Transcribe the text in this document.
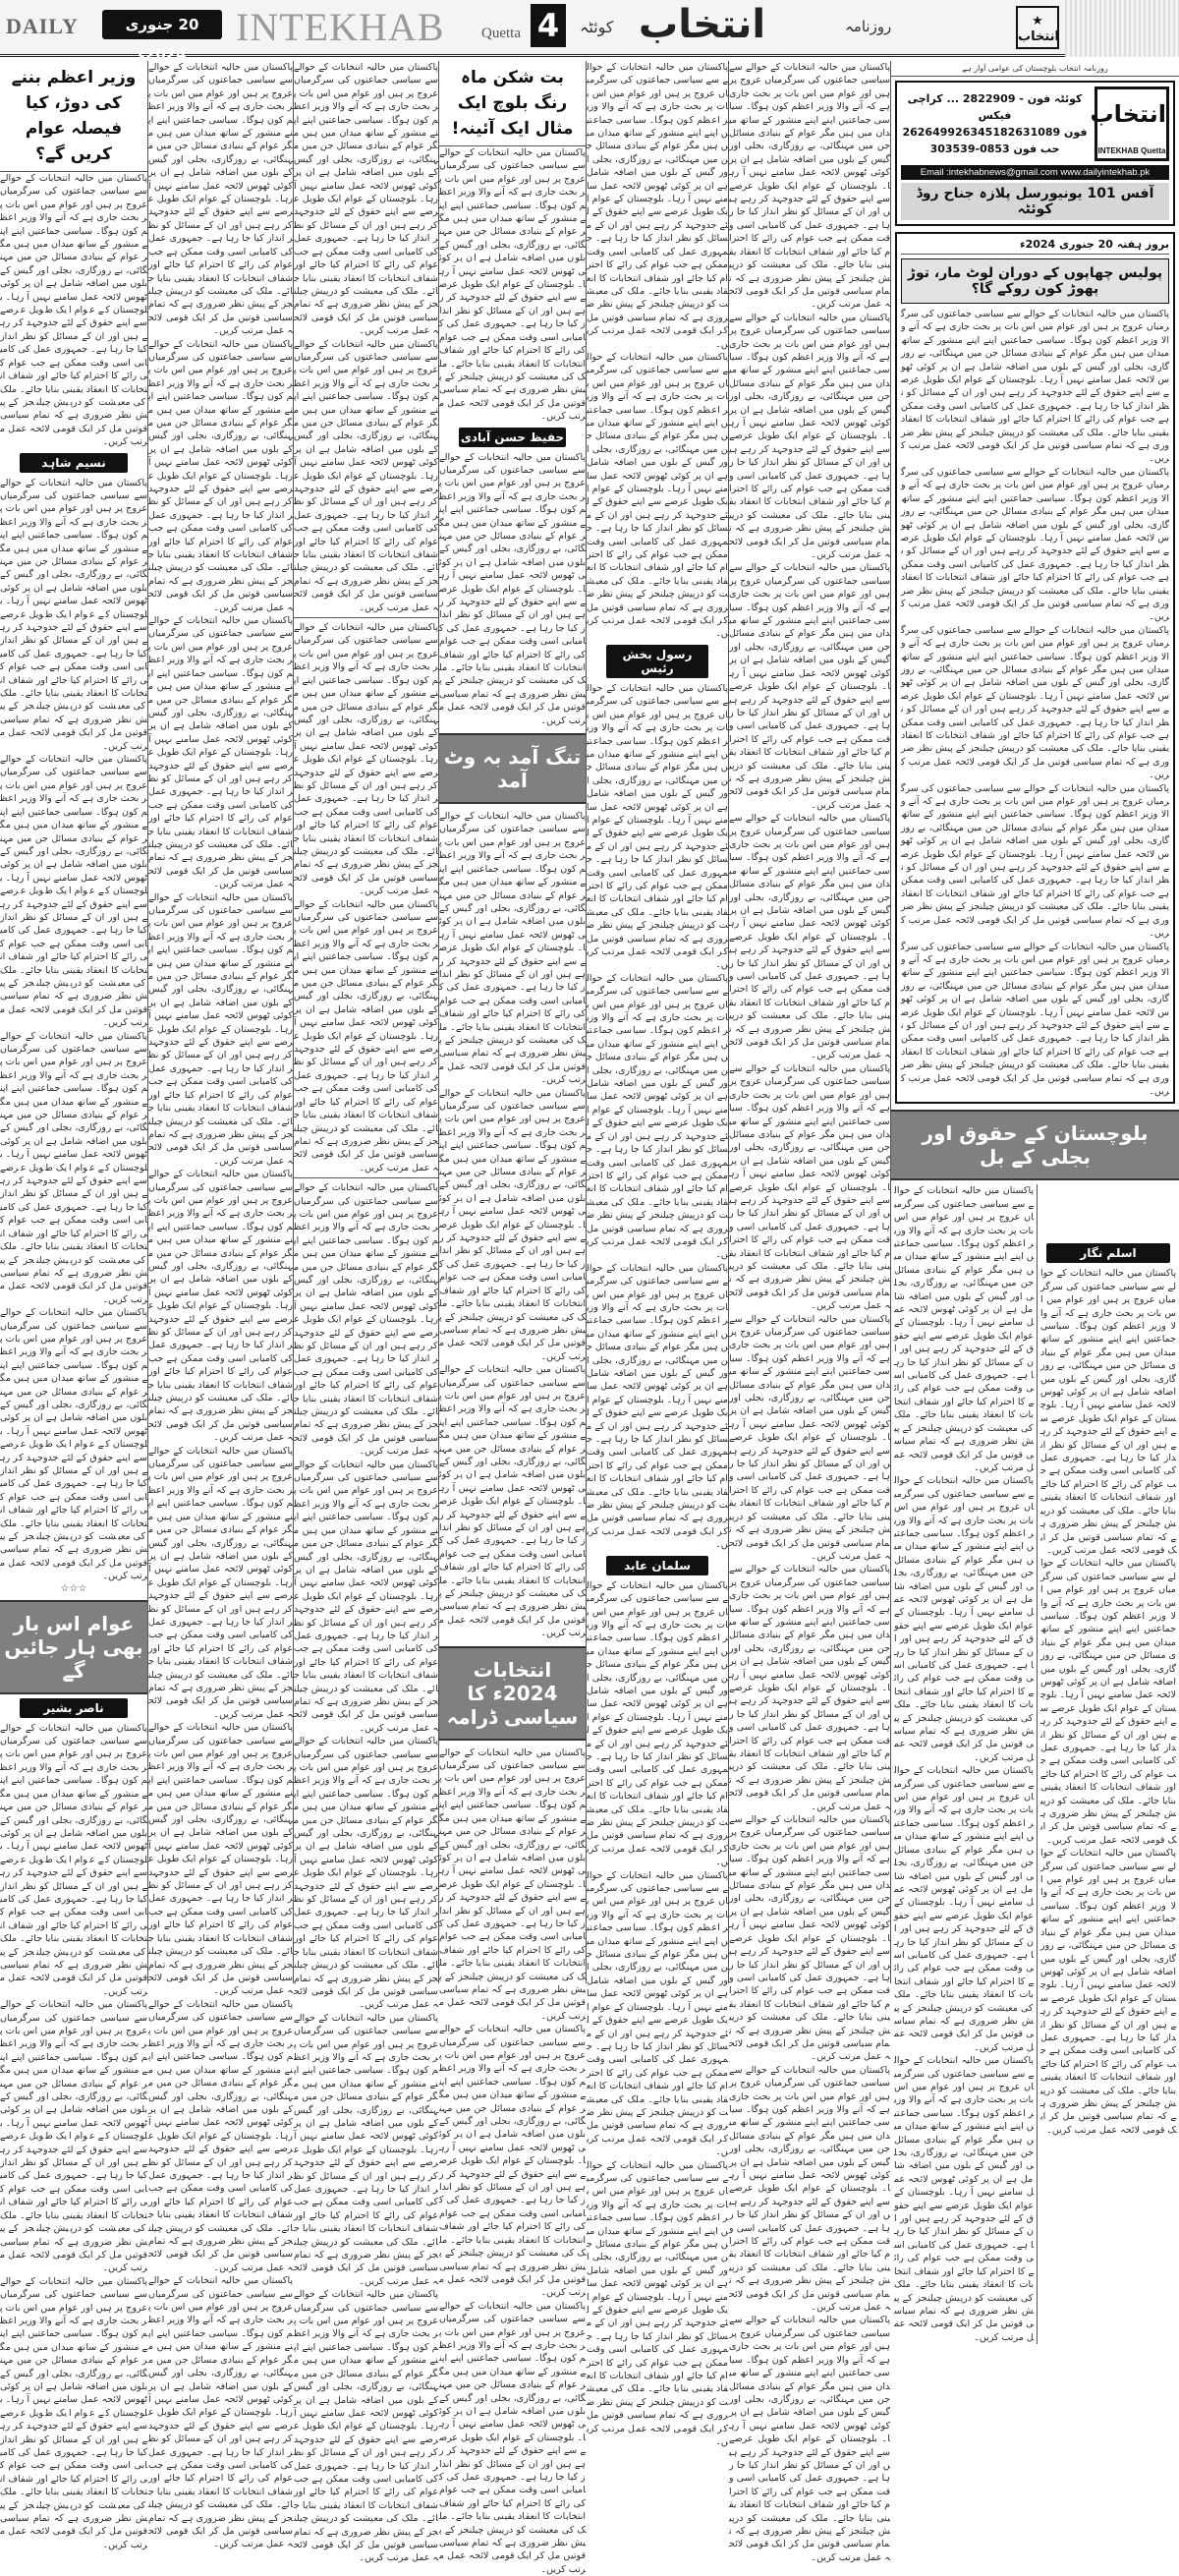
DAILY	20 جنوری 2024ء
INTEKHAB	Quetta 4	کوئٹہ انتخاب	روزنامہ	★
انتخاب
وزیر اعظم بننے کی دوڑ، کیا فیصلہ عوام کریں گے؟
پاکستان میں حالیہ انتخابات کے حوالے سے سیاسی جماعتوں کی سرگرمیاں عروج پر ہیں اور عوام میں اس بات پر بحث جاری ہے کہ آنے والا وزیر اعظم کون ہوگا۔ سیاسی جماعتیں اپنے اپنے منشور کے ساتھ میدان میں ہیں مگر عوام کے بنیادی مسائل جن میں مہنگائی، بے روزگاری، بجلی اور گیس کے بلوں میں اضافہ شامل ہے ان پر کوئی ٹھوس لائحہ عمل سامنے نہیں آ رہا۔ بلوچستان کے عوام ایک طویل عرصے سے اپنے حقوق کے لئے جدوجہد کر رہے ہیں اور ان کے مسائل کو نظر انداز کیا جا رہا ہے۔ جمہوری عمل کی کامیابی اسی وقت ممکن ہے جب عوام کی رائے کا احترام کیا جائے اور شفاف انتخابات کا انعقاد یقینی بنایا جائے۔ ملک کی معیشت کو درپیش چیلنجز کے پیش نظر ضروری ہے کہ تمام سیاسی قوتیں مل کر ایک قومی لائحہ عمل مرتب کریں۔
نسیم شاہد
پاکستان میں حالیہ انتخابات کے حوالے سے سیاسی جماعتوں کی سرگرمیاں عروج پر ہیں اور عوام میں اس بات پر بحث جاری ہے کہ آنے والا وزیر اعظم کون ہوگا۔ سیاسی جماعتیں اپنے اپنے منشور کے ساتھ میدان میں ہیں مگر عوام کے بنیادی مسائل جن میں مہنگائی، بے روزگاری، بجلی اور گیس کے بلوں میں اضافہ شامل ہے ان پر کوئی ٹھوس لائحہ عمل سامنے نہیں آ رہا۔ بلوچستان کے عوام ایک طویل عرصے سے اپنے حقوق کے لئے جدوجہد کر رہے ہیں اور ان کے مسائل کو نظر انداز کیا جا رہا ہے۔ جمہوری عمل کی کامیابی اسی وقت ممکن ہے جب عوام کی رائے کا احترام کیا جائے اور شفاف انتخابات کا انعقاد یقینی بنایا جائے۔ ملک کی معیشت کو درپیش چیلنجز کے پیش نظر ضروری ہے کہ تمام سیاسی قوتیں مل کر ایک قومی لائحہ عمل مرتب کریں۔
پاکستان میں حالیہ انتخابات کے حوالے سے سیاسی جماعتوں کی سرگرمیاں عروج پر ہیں اور عوام میں اس بات پر بحث جاری ہے کہ آنے والا وزیر اعظم کون ہوگا۔ سیاسی جماعتیں اپنے اپنے منشور کے ساتھ میدان میں ہیں مگر عوام کے بنیادی مسائل جن میں مہنگائی، بے روزگاری، بجلی اور گیس کے بلوں میں اضافہ شامل ہے ان پر کوئی ٹھوس لائحہ عمل سامنے نہیں آ رہا۔ بلوچستان کے عوام ایک طویل عرصے سے اپنے حقوق کے لئے جدوجہد کر رہے ہیں اور ان کے مسائل کو نظر انداز کیا جا رہا ہے۔ جمہوری عمل کی کامیابی اسی وقت ممکن ہے جب عوام کی رائے کا احترام کیا جائے اور شفاف انتخابات کا انعقاد یقینی بنایا جائے۔ ملک کی معیشت کو درپیش چیلنجز کے پیش نظر ضروری ہے کہ تمام سیاسی قوتیں مل کر ایک قومی لائحہ عمل مرتب کریں۔
پاکستان میں حالیہ انتخابات کے حوالے سے سیاسی جماعتوں کی سرگرمیاں عروج پر ہیں اور عوام میں اس بات پر بحث جاری ہے کہ آنے والا وزیر اعظم کون ہوگا۔ سیاسی جماعتیں اپنے اپنے منشور کے ساتھ میدان میں ہیں مگر عوام کے بنیادی مسائل جن میں مہنگائی، بے روزگاری، بجلی اور گیس کے بلوں میں اضافہ شامل ہے ان پر کوئی ٹھوس لائحہ عمل سامنے نہیں آ رہا۔ بلوچستان کے عوام ایک طویل عرصے سے اپنے حقوق کے لئے جدوجہد کر رہے ہیں اور ان کے مسائل کو نظر انداز کیا جا رہا ہے۔ جمہوری عمل کی کامیابی اسی وقت ممکن ہے جب عوام کی رائے کا احترام کیا جائے اور شفاف انتخابات کا انعقاد یقینی بنایا جائے۔ ملک کی معیشت کو درپیش چیلنجز کے پیش نظر ضروری ہے کہ تمام سیاسی قوتیں مل کر ایک قومی لائحہ عمل مرتب کریں۔
پاکستان میں حالیہ انتخابات کے حوالے سے سیاسی جماعتوں کی سرگرمیاں عروج پر ہیں اور عوام میں اس بات پر بحث جاری ہے کہ آنے والا وزیر اعظم کون ہوگا۔ سیاسی جماعتیں اپنے اپنے منشور کے ساتھ میدان میں ہیں مگر عوام کے بنیادی مسائل جن میں مہنگائی، بے روزگاری، بجلی اور گیس کے بلوں میں اضافہ شامل ہے ان پر کوئی ٹھوس لائحہ عمل سامنے نہیں آ رہا۔ بلوچستان کے عوام ایک طویل عرصے سے اپنے حقوق کے لئے جدوجہد کر رہے ہیں اور ان کے مسائل کو نظر انداز کیا جا رہا ہے۔ جمہوری عمل کی کامیابی اسی وقت ممکن ہے جب عوام کی رائے کا احترام کیا جائے اور شفاف انتخابات کا انعقاد یقینی بنایا جائے۔ ملک کی معیشت کو درپیش چیلنجز کے پیش نظر ضروری ہے کہ تمام سیاسی قوتیں مل کر ایک قومی لائحہ عمل مرتب کریں۔
☆☆☆
عوام اس بار بھی ہار جائیں گے
ناصر بشیر
پاکستان میں حالیہ انتخابات کے حوالے سے سیاسی جماعتوں کی سرگرمیاں عروج پر ہیں اور عوام میں اس بات پر بحث جاری ہے کہ آنے والا وزیر اعظم کون ہوگا۔ سیاسی جماعتیں اپنے اپنے منشور کے ساتھ میدان میں ہیں مگر عوام کے بنیادی مسائل جن میں مہنگائی، بے روزگاری، بجلی اور گیس کے بلوں میں اضافہ شامل ہے ان پر کوئی ٹھوس لائحہ عمل سامنے نہیں آ رہا۔ بلوچستان کے عوام ایک طویل عرصے سے اپنے حقوق کے لئے جدوجہد کر رہے ہیں اور ان کے مسائل کو نظر انداز کیا جا رہا ہے۔ جمہوری عمل کی کامیابی اسی وقت ممکن ہے جب عوام کی رائے کا احترام کیا جائے اور شفاف انتخابات کا انعقاد یقینی بنایا جائے۔ ملک کی معیشت کو درپیش چیلنجز کے پیش نظر ضروری ہے کہ تمام سیاسی قوتیں مل کر ایک قومی لائحہ عمل مرتب کریں۔
پاکستان میں حالیہ انتخابات کے حوالے سے سیاسی جماعتوں کی سرگرمیاں عروج پر ہیں اور عوام میں اس بات پر بحث جاری ہے کہ آنے والا وزیر اعظم کون ہوگا۔ سیاسی جماعتیں اپنے اپنے منشور کے ساتھ میدان میں ہیں مگر عوام کے بنیادی مسائل جن میں مہنگائی، بے روزگاری، بجلی اور گیس کے بلوں میں اضافہ شامل ہے ان پر کوئی ٹھوس لائحہ عمل سامنے نہیں آ رہا۔ بلوچستان کے عوام ایک طویل عرصے سے اپنے حقوق کے لئے جدوجہد کر رہے ہیں اور ان کے مسائل کو نظر انداز کیا جا رہا ہے۔ جمہوری عمل کی کامیابی اسی وقت ممکن ہے جب عوام کی رائے کا احترام کیا جائے اور شفاف انتخابات کا انعقاد یقینی بنایا جائے۔ ملک کی معیشت کو درپیش چیلنجز کے پیش نظر ضروری ہے کہ تمام سیاسی قوتیں مل کر ایک قومی لائحہ عمل مرتب کریں۔
پاکستان میں حالیہ انتخابات کے حوالے سے سیاسی جماعتوں کی سرگرمیاں عروج پر ہیں اور عوام میں اس بات پر بحث جاری ہے کہ آنے والا وزیر اعظم کون ہوگا۔ سیاسی جماعتیں اپنے اپنے منشور کے ساتھ میدان میں ہیں مگر عوام کے بنیادی مسائل جن میں مہنگائی، بے روزگاری، بجلی اور گیس کے بلوں میں اضافہ شامل ہے ان پر کوئی ٹھوس لائحہ عمل سامنے نہیں آ رہا۔ بلوچستان کے عوام ایک طویل عرصے سے اپنے حقوق کے لئے جدوجہد کر رہے ہیں اور ان کے مسائل کو نظر انداز کیا جا رہا ہے۔ جمہوری عمل کی کامیابی اسی وقت ممکن ہے جب عوام کی رائے کا احترام کیا جائے اور شفاف انتخابات کا انعقاد یقینی بنایا جائے۔ ملک کی معیشت کو درپیش چیلنجز کے پیش نظر ضروری ہے کہ تمام سیاسی قوتیں مل کر ایک قومی لائحہ عمل مرتب کریں۔
پاکستان میں حالیہ انتخابات کے حوالے سے سیاسی جماعتوں کی سرگرمیاں عروج پر ہیں اور عوام میں اس بات پر بحث جاری ہے کہ آنے والا وزیر اعظم کون ہوگا۔ سیاسی جماعتیں اپنے اپنے منشور کے ساتھ میدان میں ہیں مگر عوام کے بنیادی مسائل جن میں مہنگائی، بے روزگاری، بجلی اور گیس کے بلوں میں اضافہ شامل ہے ان پر کوئی ٹھوس لائحہ عمل سامنے نہیں آ رہا۔ بلوچستان کے عوام ایک طویل عرصے سے اپنے حقوق کے لئے جدوجہد کر رہے ہیں اور ان کے مسائل کو نظر انداز کیا جا رہا ہے۔ جمہوری عمل کی کامیابی اسی وقت ممکن ہے جب عوام کی رائے کا احترام کیا جائے اور شفاف انتخابات کا انعقاد یقینی بنایا جائے۔ ملک کی معیشت کو درپیش چیلنجز کے پیش نظر ضروری ہے کہ تمام سیاسی قوتیں مل کر ایک قومی لائحہ عمل مرتب کریں۔
پاکستان میں حالیہ انتخابات کے حوالے سے سیاسی جماعتوں کی سرگرمیاں عروج پر ہیں اور عوام میں اس بات پر بحث جاری ہے کہ آنے والا وزیر اعظم کون ہوگا۔ سیاسی جماعتیں اپنے اپنے منشور کے ساتھ میدان میں ہیں مگر عوام کے بنیادی مسائل جن میں مہنگائی، بے روزگاری، بجلی اور گیس کے بلوں میں اضافہ شامل ہے ان پر کوئی ٹھوس لائحہ عمل سامنے نہیں آ رہا۔ بلوچستان کے عوام ایک طویل عرصے سے اپنے حقوق کے لئے جدوجہد کر رہے ہیں اور ان کے مسائل کو نظر انداز کیا جا رہا ہے۔ جمہوری عمل کی کامیابی اسی وقت ممکن ہے جب عوام کی رائے کا احترام کیا جائے اور شفاف انتخابات کا انعقاد یقینی بنایا جائے۔ ملک کی معیشت کو درپیش چیلنجز کے پیش نظر ضروری ہے کہ تمام سیاسی قوتیں مل کر ایک قومی لائحہ عمل مرتب کریں۔
پاکستان میں حالیہ انتخابات کے حوالے سے سیاسی جماعتوں کی سرگرمیاں عروج پر ہیں اور عوام میں اس بات پر بحث جاری ہے کہ آنے والا وزیر اعظم کون ہوگا۔ سیاسی جماعتیں اپنے اپنے منشور کے ساتھ میدان میں ہیں مگر عوام کے بنیادی مسائل جن میں مہنگائی، بے روزگاری، بجلی اور گیس کے بلوں میں اضافہ شامل ہے ان پر کوئی ٹھوس لائحہ عمل سامنے نہیں آ رہا۔ بلوچستان کے عوام ایک طویل عرصے سے اپنے حقوق کے لئے جدوجہد کر رہے ہیں اور ان کے مسائل کو نظر انداز کیا جا رہا ہے۔ جمہوری عمل کی کامیابی اسی وقت ممکن ہے جب عوام کی رائے کا احترام کیا جائے اور شفاف انتخابات کا انعقاد یقینی بنایا جائے۔ ملک کی معیشت کو درپیش چیلنجز کے پیش نظر ضروری ہے کہ تمام سیاسی قوتیں مل کر ایک قومی لائحہ عمل مرتب کریں۔
پاکستان میں حالیہ انتخابات کے حوالے سے سیاسی جماعتوں کی سرگرمیاں عروج پر ہیں اور عوام میں اس بات پر بحث جاری ہے کہ آنے والا وزیر اعظم کون ہوگا۔ سیاسی جماعتیں اپنے اپنے منشور کے ساتھ میدان میں ہیں مگر عوام کے بنیادی مسائل جن میں مہنگائی، بے روزگاری، بجلی اور گیس کے بلوں میں اضافہ شامل ہے ان پر کوئی ٹھوس لائحہ عمل سامنے نہیں آ رہا۔ بلوچستان کے عوام ایک طویل عرصے سے اپنے حقوق کے لئے جدوجہد کر رہے ہیں اور ان کے مسائل کو نظر انداز کیا جا رہا ہے۔ جمہوری عمل کی کامیابی اسی وقت ممکن ہے جب عوام کی رائے کا احترام کیا جائے اور شفاف انتخابات کا انعقاد یقینی بنایا جائے۔ ملک کی معیشت کو درپیش چیلنجز کے پیش نظر ضروری ہے کہ تمام سیاسی قوتیں مل کر ایک قومی لائحہ عمل مرتب کریں۔
پاکستان میں حالیہ انتخابات کے حوالے سے سیاسی جماعتوں کی سرگرمیاں عروج پر ہیں اور عوام میں اس بات پر بحث جاری ہے کہ آنے والا وزیر اعظم کون ہوگا۔ سیاسی جماعتیں اپنے اپنے منشور کے ساتھ میدان میں ہیں مگر عوام کے بنیادی مسائل جن میں مہنگائی، بے روزگاری، بجلی اور گیس کے بلوں میں اضافہ شامل ہے ان پر کوئی ٹھوس لائحہ عمل سامنے نہیں آ رہا۔ بلوچستان کے عوام ایک طویل عرصے سے اپنے حقوق کے لئے جدوجہد کر رہے ہیں اور ان کے مسائل کو نظر انداز کیا جا رہا ہے۔ جمہوری عمل کی کامیابی اسی وقت ممکن ہے جب عوام کی رائے کا احترام کیا جائے اور شفاف انتخابات کا انعقاد یقینی بنایا جائے۔ ملک کی معیشت کو درپیش چیلنجز کے پیش نظر ضروری ہے کہ تمام سیاسی قوتیں مل کر ایک قومی لائحہ عمل مرتب کریں۔
پاکستان میں حالیہ انتخابات کے حوالے سے سیاسی جماعتوں کی سرگرمیاں عروج پر ہیں اور عوام میں اس بات پر بحث جاری ہے کہ آنے والا وزیر اعظم کون ہوگا۔ سیاسی جماعتیں اپنے اپنے منشور کے ساتھ میدان میں ہیں مگر عوام کے بنیادی مسائل جن میں مہنگائی، بے روزگاری، بجلی اور گیس کے بلوں میں اضافہ شامل ہے ان پر کوئی ٹھوس لائحہ عمل سامنے نہیں آ رہا۔ بلوچستان کے عوام ایک طویل عرصے سے اپنے حقوق کے لئے جدوجہد کر رہے ہیں اور ان کے مسائل کو نظر انداز کیا جا رہا ہے۔ جمہوری عمل کی کامیابی اسی وقت ممکن ہے جب عوام کی رائے کا احترام کیا جائے اور شفاف انتخابات کا انعقاد یقینی بنایا جائے۔ ملک کی معیشت کو درپیش چیلنجز کے پیش نظر ضروری ہے کہ تمام سیاسی قوتیں مل کر ایک قومی لائحہ عمل مرتب کریں۔
پاکستان میں حالیہ انتخابات کے حوالے سے سیاسی جماعتوں کی سرگرمیاں عروج پر ہیں اور عوام میں اس بات پر بحث جاری ہے کہ آنے والا وزیر اعظم کون ہوگا۔ سیاسی جماعتیں اپنے اپنے منشور کے ساتھ میدان میں ہیں مگر عوام کے بنیادی مسائل جن میں مہنگائی، بے روزگاری، بجلی اور گیس کے بلوں میں اضافہ شامل ہے ان پر کوئی ٹھوس لائحہ عمل سامنے نہیں آ رہا۔ بلوچستان کے عوام ایک طویل عرصے سے اپنے حقوق کے لئے جدوجہد کر رہے ہیں اور ان کے مسائل کو نظر انداز کیا جا رہا ہے۔ جمہوری عمل کی کامیابی اسی وقت ممکن ہے جب عوام کی رائے کا احترام کیا جائے اور شفاف انتخابات کا انعقاد یقینی بنایا جائے۔ ملک کی معیشت کو درپیش چیلنجز کے پیش نظر ضروری ہے کہ تمام سیاسی قوتیں مل کر ایک قومی لائحہ عمل مرتب کریں۔
پاکستان میں حالیہ انتخابات کے حوالے سے سیاسی جماعتوں کی سرگرمیاں عروج پر ہیں اور عوام میں اس بات پر بحث جاری ہے کہ آنے والا وزیر اعظم کون ہوگا۔ سیاسی جماعتیں اپنے اپنے منشور کے ساتھ میدان میں ہیں مگر عوام کے بنیادی مسائل جن میں مہنگائی، بے روزگاری، بجلی اور گیس کے بلوں میں اضافہ شامل ہے ان پر کوئی ٹھوس لائحہ عمل سامنے نہیں آ رہا۔ بلوچستان کے عوام ایک طویل عرصے سے اپنے حقوق کے لئے جدوجہد کر رہے ہیں اور ان کے مسائل کو نظر انداز کیا جا رہا ہے۔ جمہوری عمل کی کامیابی اسی وقت ممکن ہے جب عوام کی رائے کا احترام کیا جائے اور شفاف انتخابات کا انعقاد یقینی بنایا جائے۔ ملک کی معیشت کو درپیش چیلنجز کے پیش نظر ضروری ہے کہ تمام سیاسی قوتیں مل کر ایک قومی لائحہ عمل مرتب کریں۔
پاکستان میں حالیہ انتخابات کے حوالے سے سیاسی جماعتوں کی سرگرمیاں عروج پر ہیں اور عوام میں اس بات پر بحث جاری ہے کہ آنے والا وزیر اعظم کون ہوگا۔ سیاسی جماعتیں اپنے اپنے منشور کے ساتھ میدان میں ہیں مگر عوام کے بنیادی مسائل جن میں مہنگائی، بے روزگاری، بجلی اور گیس کے بلوں میں اضافہ شامل ہے ان پر کوئی ٹھوس لائحہ عمل سامنے نہیں آ رہا۔ بلوچستان کے عوام ایک طویل عرصے سے اپنے حقوق کے لئے جدوجہد کر رہے ہیں اور ان کے مسائل کو نظر انداز کیا جا رہا ہے۔ جمہوری عمل کی کامیابی اسی وقت ممکن ہے جب عوام کی رائے کا احترام کیا جائے اور شفاف انتخابات کا انعقاد یقینی بنایا جائے۔ ملک کی معیشت کو درپیش چیلنجز کے پیش نظر ضروری ہے کہ تمام سیاسی قوتیں مل کر ایک قومی لائحہ عمل مرتب کریں۔
پاکستان میں حالیہ انتخابات کے حوالے سے سیاسی جماعتوں کی سرگرمیاں عروج پر ہیں اور عوام میں اس بات پر بحث جاری ہے کہ آنے والا وزیر اعظم کون ہوگا۔ سیاسی جماعتیں اپنے اپنے منشور کے ساتھ میدان میں ہیں مگر عوام کے بنیادی مسائل جن میں مہنگائی، بے روزگاری، بجلی اور گیس کے بلوں میں اضافہ شامل ہے ان پر کوئی ٹھوس لائحہ عمل سامنے نہیں آ رہا۔ بلوچستان کے عوام ایک طویل عرصے سے اپنے حقوق کے لئے جدوجہد کر رہے ہیں اور ان کے مسائل کو نظر انداز کیا جا رہا ہے۔ جمہوری عمل کی کامیابی اسی وقت ممکن ہے جب عوام کی رائے کا احترام کیا جائے اور شفاف انتخابات کا انعقاد یقینی بنایا جائے۔ ملک کی معیشت کو درپیش چیلنجز کے پیش نظر ضروری ہے کہ تمام سیاسی قوتیں مل کر ایک قومی لائحہ عمل مرتب کریں۔
پاکستان میں حالیہ انتخابات کے حوالے سے سیاسی جماعتوں کی سرگرمیاں عروج پر ہیں اور عوام میں اس بات پر بحث جاری ہے کہ آنے والا وزیر اعظم کون ہوگا۔ سیاسی جماعتیں اپنے اپنے منشور کے ساتھ میدان میں ہیں مگر عوام کے بنیادی مسائل جن میں مہنگائی، بے روزگاری، بجلی اور گیس کے بلوں میں اضافہ شامل ہے ان پر کوئی ٹھوس لائحہ عمل سامنے نہیں آ رہا۔ بلوچستان کے عوام ایک طویل عرصے سے اپنے حقوق کے لئے جدوجہد کر رہے ہیں اور ان کے مسائل کو نظر انداز کیا جا رہا ہے۔ جمہوری عمل کی کامیابی اسی وقت ممکن ہے جب عوام کی رائے کا احترام کیا جائے اور شفاف انتخابات کا انعقاد یقینی بنایا جائے۔ ملک کی معیشت کو درپیش چیلنجز کے پیش نظر ضروری ہے کہ تمام سیاسی قوتیں مل کر ایک قومی لائحہ عمل مرتب کریں۔
پاکستان میں حالیہ انتخابات کے حوالے سے سیاسی جماعتوں کی سرگرمیاں عروج پر ہیں اور عوام میں اس بات پر بحث جاری ہے کہ آنے والا وزیر اعظم کون ہوگا۔ سیاسی جماعتیں اپنے اپنے منشور کے ساتھ میدان میں ہیں مگر عوام کے بنیادی مسائل جن میں مہنگائی، بے روزگاری، بجلی اور گیس کے بلوں میں اضافہ شامل ہے ان پر کوئی ٹھوس لائحہ عمل سامنے نہیں آ رہا۔ بلوچستان کے عوام ایک طویل عرصے سے اپنے حقوق کے لئے جدوجہد کر رہے ہیں اور ان کے مسائل کو نظر انداز کیا جا رہا ہے۔ جمہوری عمل کی کامیابی اسی وقت ممکن ہے جب عوام کی رائے کا احترام کیا جائے اور شفاف انتخابات کا انعقاد یقینی بنایا جائے۔ ملک کی معیشت کو درپیش چیلنجز کے پیش نظر ضروری ہے کہ تمام سیاسی قوتیں مل کر ایک قومی لائحہ عمل مرتب کریں۔
پاکستان میں حالیہ انتخابات کے حوالے سے سیاسی جماعتوں کی سرگرمیاں عروج پر ہیں اور عوام میں اس بات پر بحث جاری ہے کہ آنے والا وزیر اعظم کون ہوگا۔ سیاسی جماعتیں اپنے اپنے منشور کے ساتھ میدان میں ہیں مگر عوام کے بنیادی مسائل جن میں مہنگائی، بے روزگاری، بجلی اور گیس کے بلوں میں اضافہ شامل ہے ان پر کوئی ٹھوس لائحہ عمل سامنے نہیں آ رہا۔ بلوچستان کے عوام ایک طویل عرصے سے اپنے حقوق کے لئے جدوجہد کر رہے ہیں اور ان کے مسائل کو نظر انداز کیا جا رہا ہے۔ جمہوری عمل کی کامیابی اسی وقت ممکن ہے جب عوام کی رائے کا احترام کیا جائے اور شفاف انتخابات کا انعقاد یقینی بنایا جائے۔ ملک کی معیشت کو درپیش چیلنجز کے پیش نظر ضروری ہے کہ تمام سیاسی قوتیں مل کر ایک قومی لائحہ عمل مرتب کریں۔
پاکستان میں حالیہ انتخابات کے حوالے سے سیاسی جماعتوں کی سرگرمیاں عروج پر ہیں اور عوام میں اس بات پر بحث جاری ہے کہ آنے والا وزیر اعظم کون ہوگا۔ سیاسی جماعتیں اپنے اپنے منشور کے ساتھ میدان میں ہیں مگر عوام کے بنیادی مسائل جن میں مہنگائی، بے روزگاری، بجلی اور گیس کے بلوں میں اضافہ شامل ہے ان پر کوئی ٹھوس لائحہ عمل سامنے نہیں آ رہا۔ بلوچستان کے عوام ایک طویل عرصے سے اپنے حقوق کے لئے جدوجہد کر رہے ہیں اور ان کے مسائل کو نظر انداز کیا جا رہا ہے۔ جمہوری عمل کی کامیابی اسی وقت ممکن ہے جب عوام کی رائے کا احترام کیا جائے اور شفاف انتخابات کا انعقاد یقینی بنایا جائے۔ ملک کی معیشت کو درپیش چیلنجز کے پیش نظر ضروری ہے کہ تمام سیاسی قوتیں مل کر ایک قومی لائحہ عمل مرتب کریں۔
پاکستان میں حالیہ انتخابات کے حوالے سے سیاسی جماعتوں کی سرگرمیاں عروج پر ہیں اور عوام میں اس بات پر بحث جاری ہے کہ آنے والا وزیر اعظم کون ہوگا۔ سیاسی جماعتیں اپنے اپنے منشور کے ساتھ میدان میں ہیں مگر عوام کے بنیادی مسائل جن میں مہنگائی، بے روزگاری، بجلی اور گیس کے بلوں میں اضافہ شامل ہے ان پر کوئی ٹھوس لائحہ عمل سامنے نہیں آ رہا۔ بلوچستان کے عوام ایک طویل عرصے سے اپنے حقوق کے لئے جدوجہد کر رہے ہیں اور ان کے مسائل کو نظر انداز کیا جا رہا ہے۔ جمہوری عمل کی کامیابی اسی وقت ممکن ہے جب عوام کی رائے کا احترام کیا جائے اور شفاف انتخابات کا انعقاد یقینی بنایا جائے۔ ملک کی معیشت کو درپیش چیلنجز کے پیش نظر ضروری ہے کہ تمام سیاسی قوتیں مل کر ایک قومی لائحہ عمل مرتب کریں۔
پاکستان میں حالیہ انتخابات کے حوالے سے سیاسی جماعتوں کی سرگرمیاں عروج پر ہیں اور عوام میں اس بات پر بحث جاری ہے کہ آنے والا وزیر اعظم کون ہوگا۔ سیاسی جماعتیں اپنے اپنے منشور کے ساتھ میدان میں ہیں مگر عوام کے بنیادی مسائل جن میں مہنگائی، بے روزگاری، بجلی اور گیس کے بلوں میں اضافہ شامل ہے ان پر کوئی ٹھوس لائحہ عمل سامنے نہیں آ رہا۔ بلوچستان کے عوام ایک طویل عرصے سے اپنے حقوق کے لئے جدوجہد کر رہے ہیں اور ان کے مسائل کو نظر انداز کیا جا رہا ہے۔ جمہوری عمل کی کامیابی اسی وقت ممکن ہے جب عوام کی رائے کا احترام کیا جائے اور شفاف انتخابات کا انعقاد یقینی بنایا جائے۔ ملک کی معیشت کو درپیش چیلنجز کے پیش نظر ضروری ہے کہ تمام سیاسی قوتیں مل کر ایک قومی لائحہ عمل مرتب کریں۔
پاکستان میں حالیہ انتخابات کے حوالے سے سیاسی جماعتوں کی سرگرمیاں عروج پر ہیں اور عوام میں اس بات پر بحث جاری ہے کہ آنے والا وزیر اعظم کون ہوگا۔ سیاسی جماعتیں اپنے اپنے منشور کے ساتھ میدان میں ہیں مگر عوام کے بنیادی مسائل جن میں مہنگائی، بے روزگاری، بجلی اور گیس کے بلوں میں اضافہ شامل ہے ان پر کوئی ٹھوس لائحہ عمل سامنے نہیں آ رہا۔ بلوچستان کے عوام ایک طویل عرصے سے اپنے حقوق کے لئے جدوجہد کر رہے ہیں اور ان کے مسائل کو نظر انداز کیا جا رہا ہے۔ جمہوری عمل کی کامیابی اسی وقت ممکن ہے جب عوام کی رائے کا احترام کیا جائے اور شفاف انتخابات کا انعقاد یقینی بنایا جائے۔ ملک کی معیشت کو درپیش چیلنجز کے پیش نظر ضروری ہے کہ تمام سیاسی قوتیں مل کر ایک قومی لائحہ عمل مرتب کریں۔
پاکستان میں حالیہ انتخابات کے حوالے سے سیاسی جماعتوں کی سرگرمیاں عروج پر ہیں اور عوام میں اس بات پر بحث جاری ہے کہ آنے والا وزیر اعظم کون ہوگا۔ سیاسی جماعتیں اپنے اپنے منشور کے ساتھ میدان میں ہیں مگر عوام کے بنیادی مسائل جن میں مہنگائی، بے روزگاری، بجلی اور گیس کے بلوں میں اضافہ شامل ہے ان پر کوئی ٹھوس لائحہ عمل سامنے نہیں آ رہا۔ بلوچستان کے عوام ایک طویل عرصے سے اپنے حقوق کے لئے جدوجہد کر رہے ہیں اور ان کے مسائل کو نظر انداز کیا جا رہا ہے۔ جمہوری عمل کی کامیابی اسی وقت ممکن ہے جب عوام کی رائے کا احترام کیا جائے اور شفاف انتخابات کا انعقاد یقینی بنایا جائے۔ ملک کی معیشت کو درپیش چیلنجز کے پیش نظر ضروری ہے کہ تمام سیاسی قوتیں مل کر ایک قومی لائحہ عمل مرتب کریں۔
بت شکن ماہ رنگ بلوچ ایک مثال ایک آئینہ!
پاکستان میں حالیہ انتخابات کے حوالے سے سیاسی جماعتوں کی سرگرمیاں عروج پر ہیں اور عوام میں اس بات پر بحث جاری ہے کہ آنے والا وزیر اعظم کون ہوگا۔ سیاسی جماعتیں اپنے اپنے منشور کے ساتھ میدان میں ہیں مگر عوام کے بنیادی مسائل جن میں مہنگائی، بے روزگاری، بجلی اور گیس کے بلوں میں اضافہ شامل ہے ان پر کوئی ٹھوس لائحہ عمل سامنے نہیں آ رہا۔ بلوچستان کے عوام ایک طویل عرصے سے اپنے حقوق کے لئے جدوجہد کر رہے ہیں اور ان کے مسائل کو نظر انداز کیا جا رہا ہے۔ جمہوری عمل کی کامیابی اسی وقت ممکن ہے جب عوام کی رائے کا احترام کیا جائے اور شفاف انتخابات کا انعقاد یقینی بنایا جائے۔ ملک کی معیشت کو درپیش چیلنجز کے پیش نظر ضروری ہے کہ تمام سیاسی قوتیں مل کر ایک قومی لائحہ عمل مرتب کریں۔
حفیظ حسن آبادی
پاکستان میں حالیہ انتخابات کے حوالے سے سیاسی جماعتوں کی سرگرمیاں عروج پر ہیں اور عوام میں اس بات پر بحث جاری ہے کہ آنے والا وزیر اعظم کون ہوگا۔ سیاسی جماعتیں اپنے اپنے منشور کے ساتھ میدان میں ہیں مگر عوام کے بنیادی مسائل جن میں مہنگائی، بے روزگاری، بجلی اور گیس کے بلوں میں اضافہ شامل ہے ان پر کوئی ٹھوس لائحہ عمل سامنے نہیں آ رہا۔ بلوچستان کے عوام ایک طویل عرصے سے اپنے حقوق کے لئے جدوجہد کر رہے ہیں اور ان کے مسائل کو نظر انداز کیا جا رہا ہے۔ جمہوری عمل کی کامیابی اسی وقت ممکن ہے جب عوام کی رائے کا احترام کیا جائے اور شفاف انتخابات کا انعقاد یقینی بنایا جائے۔ ملک کی معیشت کو درپیش چیلنجز کے پیش نظر ضروری ہے کہ تمام سیاسی قوتیں مل کر ایک قومی لائحہ عمل مرتب کریں۔
تنگ آمد بہ وٹ آمد
پاکستان میں حالیہ انتخابات کے حوالے سے سیاسی جماعتوں کی سرگرمیاں عروج پر ہیں اور عوام میں اس بات پر بحث جاری ہے کہ آنے والا وزیر اعظم کون ہوگا۔ سیاسی جماعتیں اپنے اپنے منشور کے ساتھ میدان میں ہیں مگر عوام کے بنیادی مسائل جن میں مہنگائی، بے روزگاری، بجلی اور گیس کے بلوں میں اضافہ شامل ہے ان پر کوئی ٹھوس لائحہ عمل سامنے نہیں آ رہا۔ بلوچستان کے عوام ایک طویل عرصے سے اپنے حقوق کے لئے جدوجہد کر رہے ہیں اور ان کے مسائل کو نظر انداز کیا جا رہا ہے۔ جمہوری عمل کی کامیابی اسی وقت ممکن ہے جب عوام کی رائے کا احترام کیا جائے اور شفاف انتخابات کا انعقاد یقینی بنایا جائے۔ ملک کی معیشت کو درپیش چیلنجز کے پیش نظر ضروری ہے کہ تمام سیاسی قوتیں مل کر ایک قومی لائحہ عمل مرتب کریں۔
پاکستان میں حالیہ انتخابات کے حوالے سے سیاسی جماعتوں کی سرگرمیاں عروج پر ہیں اور عوام میں اس بات پر بحث جاری ہے کہ آنے والا وزیر اعظم کون ہوگا۔ سیاسی جماعتیں اپنے اپنے منشور کے ساتھ میدان میں ہیں مگر عوام کے بنیادی مسائل جن میں مہنگائی، بے روزگاری، بجلی اور گیس کے بلوں میں اضافہ شامل ہے ان پر کوئی ٹھوس لائحہ عمل سامنے نہیں آ رہا۔ بلوچستان کے عوام ایک طویل عرصے سے اپنے حقوق کے لئے جدوجہد کر رہے ہیں اور ان کے مسائل کو نظر انداز کیا جا رہا ہے۔ جمہوری عمل کی کامیابی اسی وقت ممکن ہے جب عوام کی رائے کا احترام کیا جائے اور شفاف انتخابات کا انعقاد یقینی بنایا جائے۔ ملک کی معیشت کو درپیش چیلنجز کے پیش نظر ضروری ہے کہ تمام سیاسی قوتیں مل کر ایک قومی لائحہ عمل مرتب کریں۔
پاکستان میں حالیہ انتخابات کے حوالے سے سیاسی جماعتوں کی سرگرمیاں عروج پر ہیں اور عوام میں اس بات پر بحث جاری ہے کہ آنے والا وزیر اعظم کون ہوگا۔ سیاسی جماعتیں اپنے اپنے منشور کے ساتھ میدان میں ہیں مگر عوام کے بنیادی مسائل جن میں مہنگائی، بے روزگاری، بجلی اور گیس کے بلوں میں اضافہ شامل ہے ان پر کوئی ٹھوس لائحہ عمل سامنے نہیں آ رہا۔ بلوچستان کے عوام ایک طویل عرصے سے اپنے حقوق کے لئے جدوجہد کر رہے ہیں اور ان کے مسائل کو نظر انداز کیا جا رہا ہے۔ جمہوری عمل کی کامیابی اسی وقت ممکن ہے جب عوام کی رائے کا احترام کیا جائے اور شفاف انتخابات کا انعقاد یقینی بنایا جائے۔ ملک کی معیشت کو درپیش چیلنجز کے پیش نظر ضروری ہے کہ تمام سیاسی قوتیں مل کر ایک قومی لائحہ عمل مرتب کریں۔
انتخابات 2024ء کا سیاسی ڈرامہ
پاکستان میں حالیہ انتخابات کے حوالے سے سیاسی جماعتوں کی سرگرمیاں عروج پر ہیں اور عوام میں اس بات پر بحث جاری ہے کہ آنے والا وزیر اعظم کون ہوگا۔ سیاسی جماعتیں اپنے اپنے منشور کے ساتھ میدان میں ہیں مگر عوام کے بنیادی مسائل جن میں مہنگائی، بے روزگاری، بجلی اور گیس کے بلوں میں اضافہ شامل ہے ان پر کوئی ٹھوس لائحہ عمل سامنے نہیں آ رہا۔ بلوچستان کے عوام ایک طویل عرصے سے اپنے حقوق کے لئے جدوجہد کر رہے ہیں اور ان کے مسائل کو نظر انداز کیا جا رہا ہے۔ جمہوری عمل کی کامیابی اسی وقت ممکن ہے جب عوام کی رائے کا احترام کیا جائے اور شفاف انتخابات کا انعقاد یقینی بنایا جائے۔ ملک کی معیشت کو درپیش چیلنجز کے پیش نظر ضروری ہے کہ تمام سیاسی قوتیں مل کر ایک قومی لائحہ عمل مرتب کریں۔
پاکستان میں حالیہ انتخابات کے حوالے سے سیاسی جماعتوں کی سرگرمیاں عروج پر ہیں اور عوام میں اس بات پر بحث جاری ہے کہ آنے والا وزیر اعظم کون ہوگا۔ سیاسی جماعتیں اپنے اپنے منشور کے ساتھ میدان میں ہیں مگر عوام کے بنیادی مسائل جن میں مہنگائی، بے روزگاری، بجلی اور گیس کے بلوں میں اضافہ شامل ہے ان پر کوئی ٹھوس لائحہ عمل سامنے نہیں آ رہا۔ بلوچستان کے عوام ایک طویل عرصے سے اپنے حقوق کے لئے جدوجہد کر رہے ہیں اور ان کے مسائل کو نظر انداز کیا جا رہا ہے۔ جمہوری عمل کی کامیابی اسی وقت ممکن ہے جب عوام کی رائے کا احترام کیا جائے اور شفاف انتخابات کا انعقاد یقینی بنایا جائے۔ ملک کی معیشت کو درپیش چیلنجز کے پیش نظر ضروری ہے کہ تمام سیاسی قوتیں مل کر ایک قومی لائحہ عمل مرتب کریں۔
پاکستان میں حالیہ انتخابات کے حوالے سے سیاسی جماعتوں کی سرگرمیاں عروج پر ہیں اور عوام میں اس بات پر بحث جاری ہے کہ آنے والا وزیر اعظم کون ہوگا۔ سیاسی جماعتیں اپنے اپنے منشور کے ساتھ میدان میں ہیں مگر عوام کے بنیادی مسائل جن میں مہنگائی، بے روزگاری، بجلی اور گیس کے بلوں میں اضافہ شامل ہے ان پر کوئی ٹھوس لائحہ عمل سامنے نہیں آ رہا۔ بلوچستان کے عوام ایک طویل عرصے سے اپنے حقوق کے لئے جدوجہد کر رہے ہیں اور ان کے مسائل کو نظر انداز کیا جا رہا ہے۔ جمہوری عمل کی کامیابی اسی وقت ممکن ہے جب عوام کی رائے کا احترام کیا جائے اور شفاف انتخابات کا انعقاد یقینی بنایا جائے۔ ملک کی معیشت کو درپیش چیلنجز کے پیش نظر ضروری ہے کہ تمام سیاسی قوتیں مل کر ایک قومی لائحہ عمل مرتب کریں۔
پاکستان میں حالیہ انتخابات کے حوالے سے سیاسی جماعتوں کی سرگرمیاں عروج پر ہیں اور عوام میں اس بات پر بحث جاری ہے کہ آنے والا وزیر اعظم کون ہوگا۔ سیاسی جماعتیں اپنے اپنے منشور کے ساتھ میدان میں ہیں مگر عوام کے بنیادی مسائل جن میں مہنگائی، بے روزگاری، بجلی اور گیس کے بلوں میں اضافہ شامل ہے ان پر کوئی ٹھوس لائحہ عمل سامنے نہیں آ رہا۔ بلوچستان کے عوام ایک طویل عرصے سے اپنے حقوق کے لئے جدوجہد کر رہے ہیں اور ان کے مسائل کو نظر انداز کیا جا رہا ہے۔ جمہوری عمل کی کامیابی اسی وقت ممکن ہے جب عوام کی رائے کا احترام کیا جائے اور شفاف انتخابات کا انعقاد یقینی بنایا جائے۔ ملک کی معیشت کو درپیش چیلنجز کے پیش نظر ضروری ہے کہ تمام سیاسی قوتیں مل کر ایک قومی لائحہ عمل مرتب کریں۔
پاکستان میں حالیہ انتخابات کے حوالے سے سیاسی جماعتوں کی سرگرمیاں عروج پر ہیں اور عوام میں اس بات پر بحث جاری ہے کہ آنے والا وزیر اعظم کون ہوگا۔ سیاسی جماعتیں اپنے اپنے منشور کے ساتھ میدان میں ہیں مگر عوام کے بنیادی مسائل جن میں مہنگائی، بے روزگاری، بجلی اور گیس کے بلوں میں اضافہ شامل ہے ان پر کوئی ٹھوس لائحہ عمل سامنے نہیں آ رہا۔ بلوچستان کے عوام ایک طویل عرصے سے اپنے حقوق کے لئے جدوجہد کر رہے ہیں اور ان کے مسائل کو نظر انداز کیا جا رہا ہے۔ جمہوری عمل کی کامیابی اسی وقت ممکن ہے جب عوام کی رائے کا احترام کیا جائے اور شفاف انتخابات کا انعقاد یقینی بنایا جائے۔ ملک کی معیشت کو درپیش چیلنجز کے پیش نظر ضروری ہے کہ تمام سیاسی قوتیں مل کر ایک قومی لائحہ عمل مرتب کریں۔
رسول بخش رئیس
پاکستان میں حالیہ انتخابات کے حوالے سے سیاسی جماعتوں کی سرگرمیاں عروج پر ہیں اور عوام میں اس بات پر بحث جاری ہے کہ آنے والا وزیر اعظم کون ہوگا۔ سیاسی جماعتیں اپنے اپنے منشور کے ساتھ میدان میں ہیں مگر عوام کے بنیادی مسائل جن میں مہنگائی، بے روزگاری، بجلی اور گیس کے بلوں میں اضافہ شامل ہے ان پر کوئی ٹھوس لائحہ عمل سامنے نہیں آ رہا۔ بلوچستان کے عوام ایک طویل عرصے سے اپنے حقوق کے لئے جدوجہد کر رہے ہیں اور ان کے مسائل کو نظر انداز کیا جا رہا ہے۔ جمہوری عمل کی کامیابی اسی وقت ممکن ہے جب عوام کی رائے کا احترام کیا جائے اور شفاف انتخابات کا انعقاد یقینی بنایا جائے۔ ملک کی معیشت کو درپیش چیلنجز کے پیش نظر ضروری ہے کہ تمام سیاسی قوتیں مل کر ایک قومی لائحہ عمل مرتب کریں۔
پاکستان میں حالیہ انتخابات کے حوالے سے سیاسی جماعتوں کی سرگرمیاں عروج پر ہیں اور عوام میں اس بات پر بحث جاری ہے کہ آنے والا وزیر اعظم کون ہوگا۔ سیاسی جماعتیں اپنے اپنے منشور کے ساتھ میدان میں ہیں مگر عوام کے بنیادی مسائل جن میں مہنگائی، بے روزگاری، بجلی اور گیس کے بلوں میں اضافہ شامل ہے ان پر کوئی ٹھوس لائحہ عمل سامنے نہیں آ رہا۔ بلوچستان کے عوام ایک طویل عرصے سے اپنے حقوق کے لئے جدوجہد کر رہے ہیں اور ان کے مسائل کو نظر انداز کیا جا رہا ہے۔ جمہوری عمل کی کامیابی اسی وقت ممکن ہے جب عوام کی رائے کا احترام کیا جائے اور شفاف انتخابات کا انعقاد یقینی بنایا جائے۔ ملک کی معیشت کو درپیش چیلنجز کے پیش نظر ضروری ہے کہ تمام سیاسی قوتیں مل کر ایک قومی لائحہ عمل مرتب کریں۔
پاکستان میں حالیہ انتخابات کے حوالے سے سیاسی جماعتوں کی سرگرمیاں عروج پر ہیں اور عوام میں اس بات پر بحث جاری ہے کہ آنے والا وزیر اعظم کون ہوگا۔ سیاسی جماعتیں اپنے اپنے منشور کے ساتھ میدان میں ہیں مگر عوام کے بنیادی مسائل جن میں مہنگائی، بے روزگاری، بجلی اور گیس کے بلوں میں اضافہ شامل ہے ان پر کوئی ٹھوس لائحہ عمل سامنے نہیں آ رہا۔ بلوچستان کے عوام ایک طویل عرصے سے اپنے حقوق کے لئے جدوجہد کر رہے ہیں اور ان کے مسائل کو نظر انداز کیا جا رہا ہے۔ جمہوری عمل کی کامیابی اسی وقت ممکن ہے جب عوام کی رائے کا احترام کیا جائے اور شفاف انتخابات کا انعقاد یقینی بنایا جائے۔ ملک کی معیشت کو درپیش چیلنجز کے پیش نظر ضروری ہے کہ تمام سیاسی قوتیں مل کر ایک قومی لائحہ عمل مرتب کریں۔
سلمان عابد
پاکستان میں حالیہ انتخابات کے حوالے سے سیاسی جماعتوں کی سرگرمیاں عروج پر ہیں اور عوام میں اس بات پر بحث جاری ہے کہ آنے والا وزیر اعظم کون ہوگا۔ سیاسی جماعتیں اپنے اپنے منشور کے ساتھ میدان میں ہیں مگر عوام کے بنیادی مسائل جن میں مہنگائی، بے روزگاری، بجلی اور گیس کے بلوں میں اضافہ شامل ہے ان پر کوئی ٹھوس لائحہ عمل سامنے نہیں آ رہا۔ بلوچستان کے عوام ایک طویل عرصے سے اپنے حقوق کے لئے جدوجہد کر رہے ہیں اور ان کے مسائل کو نظر انداز کیا جا رہا ہے۔ جمہوری عمل کی کامیابی اسی وقت ممکن ہے جب عوام کی رائے کا احترام کیا جائے اور شفاف انتخابات کا انعقاد یقینی بنایا جائے۔ ملک کی معیشت کو درپیش چیلنجز کے پیش نظر ضروری ہے کہ تمام سیاسی قوتیں مل کر ایک قومی لائحہ عمل مرتب کریں۔
پاکستان میں حالیہ انتخابات کے حوالے سے سیاسی جماعتوں کی سرگرمیاں عروج پر ہیں اور عوام میں اس بات پر بحث جاری ہے کہ آنے والا وزیر اعظم کون ہوگا۔ سیاسی جماعتیں اپنے اپنے منشور کے ساتھ میدان میں ہیں مگر عوام کے بنیادی مسائل جن میں مہنگائی، بے روزگاری، بجلی اور گیس کے بلوں میں اضافہ شامل ہے ان پر کوئی ٹھوس لائحہ عمل سامنے نہیں آ رہا۔ بلوچستان کے عوام ایک طویل عرصے سے اپنے حقوق کے لئے جدوجہد کر رہے ہیں اور ان کے مسائل کو نظر انداز کیا جا رہا ہے۔ جمہوری عمل کی کامیابی اسی وقت ممکن ہے جب عوام کی رائے کا احترام کیا جائے اور شفاف انتخابات کا انعقاد یقینی بنایا جائے۔ ملک کی معیشت کو درپیش چیلنجز کے پیش نظر ضروری ہے کہ تمام سیاسی قوتیں مل کر ایک قومی لائحہ عمل مرتب کریں۔
پاکستان میں حالیہ انتخابات کے حوالے سے سیاسی جماعتوں کی سرگرمیاں عروج پر ہیں اور عوام میں اس بات پر بحث جاری ہے کہ آنے والا وزیر اعظم کون ہوگا۔ سیاسی جماعتیں اپنے اپنے منشور کے ساتھ میدان میں ہیں مگر عوام کے بنیادی مسائل جن میں مہنگائی، بے روزگاری، بجلی اور گیس کے بلوں میں اضافہ شامل ہے ان پر کوئی ٹھوس لائحہ عمل سامنے نہیں آ رہا۔ بلوچستان کے عوام ایک طویل عرصے سے اپنے حقوق کے لئے جدوجہد کر رہے ہیں اور ان کے مسائل کو نظر انداز کیا جا رہا ہے۔ جمہوری عمل کی کامیابی اسی وقت ممکن ہے جب عوام کی رائے کا احترام کیا جائے اور شفاف انتخابات کا انعقاد یقینی بنایا جائے۔ ملک کی معیشت کو درپیش چیلنجز کے پیش نظر ضروری ہے کہ تمام سیاسی قوتیں مل کر ایک قومی لائحہ عمل مرتب کریں۔
پاکستان میں حالیہ انتخابات کے حوالے سے سیاسی جماعتوں کی سرگرمیاں عروج پر ہیں اور عوام میں اس بات پر بحث جاری ہے کہ آنے والا وزیر اعظم کون ہوگا۔ سیاسی جماعتیں اپنے اپنے منشور کے ساتھ میدان میں ہیں مگر عوام کے بنیادی مسائل جن میں مہنگائی، بے روزگاری، بجلی اور گیس کے بلوں میں اضافہ شامل ہے ان پر کوئی ٹھوس لائحہ عمل سامنے نہیں آ رہا۔ بلوچستان کے عوام ایک طویل عرصے سے اپنے حقوق کے لئے جدوجہد کر رہے ہیں اور ان کے مسائل کو نظر انداز کیا جا رہا ہے۔ جمہوری عمل کی کامیابی اسی وقت ممکن ہے جب عوام کی رائے کا احترام کیا جائے اور شفاف انتخابات کا انعقاد یقینی بنایا جائے۔ ملک کی معیشت کو درپیش چیلنجز کے پیش نظر ضروری ہے کہ تمام سیاسی قوتیں مل کر ایک قومی لائحہ عمل مرتب کریں۔
پاکستان میں حالیہ انتخابات کے حوالے سے سیاسی جماعتوں کی سرگرمیاں عروج پر ہیں اور عوام میں اس بات پر بحث جاری ہے کہ آنے والا وزیر اعظم کون ہوگا۔ سیاسی جماعتیں اپنے اپنے منشور کے ساتھ میدان میں ہیں مگر عوام کے بنیادی مسائل جن میں مہنگائی، بے روزگاری، بجلی اور گیس کے بلوں میں اضافہ شامل ہے ان پر کوئی ٹھوس لائحہ عمل سامنے نہیں آ رہا۔ بلوچستان کے عوام ایک طویل عرصے سے اپنے حقوق کے لئے جدوجہد کر رہے ہیں اور ان کے مسائل کو نظر انداز کیا جا رہا ہے۔ جمہوری عمل کی کامیابی اسی وقت ممکن ہے جب عوام کی رائے کا احترام کیا جائے اور شفاف انتخابات کا انعقاد یقینی بنایا جائے۔ ملک کی معیشت کو درپیش چیلنجز کے پیش نظر ضروری ہے کہ تمام سیاسی قوتیں مل کر ایک قومی لائحہ عمل مرتب کریں۔
پاکستان میں حالیہ انتخابات کے حوالے سے سیاسی جماعتوں کی سرگرمیاں عروج پر ہیں اور عوام میں اس بات پر بحث جاری ہے کہ آنے والا وزیر اعظم کون ہوگا۔ سیاسی جماعتیں اپنے اپنے منشور کے ساتھ میدان میں ہیں مگر عوام کے بنیادی مسائل جن میں مہنگائی، بے روزگاری، بجلی اور گیس کے بلوں میں اضافہ شامل ہے ان پر کوئی ٹھوس لائحہ عمل سامنے نہیں آ رہا۔ بلوچستان کے عوام ایک طویل عرصے سے اپنے حقوق کے لئے جدوجہد کر رہے ہیں اور ان کے مسائل کو نظر انداز کیا جا رہا ہے۔ جمہوری عمل کی کامیابی اسی وقت ممکن ہے جب عوام کی رائے کا احترام کیا جائے اور شفاف انتخابات کا انعقاد یقینی بنایا جائے۔ ملک کی معیشت کو درپیش چیلنجز کے پیش نظر ضروری ہے کہ تمام سیاسی قوتیں مل کر ایک قومی لائحہ عمل مرتب کریں۔
پاکستان میں حالیہ انتخابات کے حوالے سے سیاسی جماعتوں کی سرگرمیاں عروج پر ہیں اور عوام میں اس بات پر بحث جاری ہے کہ آنے والا وزیر اعظم کون ہوگا۔ سیاسی جماعتیں اپنے اپنے منشور کے ساتھ میدان میں ہیں مگر عوام کے بنیادی مسائل جن میں مہنگائی، بے روزگاری، بجلی اور گیس کے بلوں میں اضافہ شامل ہے ان پر کوئی ٹھوس لائحہ عمل سامنے نہیں آ رہا۔ بلوچستان کے عوام ایک طویل عرصے سے اپنے حقوق کے لئے جدوجہد کر رہے ہیں اور ان کے مسائل کو نظر انداز کیا جا رہا ہے۔ جمہوری عمل کی کامیابی اسی وقت ممکن ہے جب عوام کی رائے کا احترام کیا جائے اور شفاف انتخابات کا انعقاد یقینی بنایا جائے۔ ملک کی معیشت کو درپیش چیلنجز کے پیش نظر ضروری ہے کہ تمام سیاسی قوتیں مل کر ایک قومی لائحہ عمل مرتب کریں۔
پاکستان میں حالیہ انتخابات کے حوالے سے سیاسی جماعتوں کی سرگرمیاں عروج پر ہیں اور عوام میں اس بات پر بحث جاری ہے کہ آنے والا وزیر اعظم کون ہوگا۔ سیاسی جماعتیں اپنے اپنے منشور کے ساتھ میدان میں ہیں مگر عوام کے بنیادی مسائل جن میں مہنگائی، بے روزگاری، بجلی اور گیس کے بلوں میں اضافہ شامل ہے ان پر کوئی ٹھوس لائحہ عمل سامنے نہیں آ رہا۔ بلوچستان کے عوام ایک طویل عرصے سے اپنے حقوق کے لئے جدوجہد کر رہے ہیں اور ان کے مسائل کو نظر انداز کیا جا رہا ہے۔ جمہوری عمل کی کامیابی اسی وقت ممکن ہے جب عوام کی رائے کا احترام کیا جائے اور شفاف انتخابات کا انعقاد یقینی بنایا جائے۔ ملک کی معیشت کو درپیش چیلنجز کے پیش نظر ضروری ہے کہ تمام سیاسی قوتیں مل کر ایک قومی لائحہ عمل مرتب کریں۔
پاکستان میں حالیہ انتخابات کے حوالے سے سیاسی جماعتوں کی سرگرمیاں عروج پر ہیں اور عوام میں اس بات پر بحث جاری ہے کہ آنے والا وزیر اعظم کون ہوگا۔ سیاسی جماعتیں اپنے اپنے منشور کے ساتھ میدان میں ہیں مگر عوام کے بنیادی مسائل جن میں مہنگائی، بے روزگاری، بجلی اور گیس کے بلوں میں اضافہ شامل ہے ان پر کوئی ٹھوس لائحہ عمل سامنے نہیں آ رہا۔ بلوچستان کے عوام ایک طویل عرصے سے اپنے حقوق کے لئے جدوجہد کر رہے ہیں اور ان کے مسائل کو نظر انداز کیا جا رہا ہے۔ جمہوری عمل کی کامیابی اسی وقت ممکن ہے جب عوام کی رائے کا احترام کیا جائے اور شفاف انتخابات کا انعقاد یقینی بنایا جائے۔ ملک کی معیشت کو درپیش چیلنجز کے پیش نظر ضروری ہے کہ تمام سیاسی قوتیں مل کر ایک قومی لائحہ عمل مرتب کریں۔
پاکستان میں حالیہ انتخابات کے حوالے سے سیاسی جماعتوں کی سرگرمیاں عروج پر ہیں اور عوام میں اس بات پر بحث جاری ہے کہ آنے والا وزیر اعظم کون ہوگا۔ سیاسی جماعتیں اپنے اپنے منشور کے ساتھ میدان میں ہیں مگر عوام کے بنیادی مسائل جن میں مہنگائی، بے روزگاری، بجلی اور گیس کے بلوں میں اضافہ شامل ہے ان پر کوئی ٹھوس لائحہ عمل سامنے نہیں آ رہا۔ بلوچستان کے عوام ایک طویل عرصے سے اپنے حقوق کے لئے جدوجہد کر رہے ہیں اور ان کے مسائل کو نظر انداز کیا جا رہا ہے۔ جمہوری عمل کی کامیابی اسی وقت ممکن ہے جب عوام کی رائے کا احترام کیا جائے اور شفاف انتخابات کا انعقاد یقینی بنایا جائے۔ ملک کی معیشت کو درپیش چیلنجز کے پیش نظر ضروری ہے کہ تمام سیاسی قوتیں مل کر ایک قومی لائحہ عمل مرتب کریں۔
پاکستان میں حالیہ انتخابات کے حوالے سے سیاسی جماعتوں کی سرگرمیاں عروج پر ہیں اور عوام میں اس بات پر بحث جاری ہے کہ آنے والا وزیر اعظم کون ہوگا۔ سیاسی جماعتیں اپنے اپنے منشور کے ساتھ میدان میں ہیں مگر عوام کے بنیادی مسائل جن میں مہنگائی، بے روزگاری، بجلی اور گیس کے بلوں میں اضافہ شامل ہے ان پر کوئی ٹھوس لائحہ عمل سامنے نہیں آ رہا۔ بلوچستان کے عوام ایک طویل عرصے سے اپنے حقوق کے لئے جدوجہد کر رہے ہیں اور ان کے مسائل کو نظر انداز کیا جا رہا ہے۔ جمہوری عمل کی کامیابی اسی وقت ممکن ہے جب عوام کی رائے کا احترام کیا جائے اور شفاف انتخابات کا انعقاد یقینی بنایا جائے۔ ملک کی معیشت کو درپیش چیلنجز کے پیش نظر ضروری ہے کہ تمام سیاسی قوتیں مل کر ایک قومی لائحہ عمل مرتب کریں۔
پاکستان میں حالیہ انتخابات کے حوالے سے سیاسی جماعتوں کی سرگرمیاں عروج پر ہیں اور عوام میں اس بات پر بحث جاری ہے کہ آنے والا وزیر اعظم کون ہوگا۔ سیاسی جماعتیں اپنے اپنے منشور کے ساتھ میدان میں ہیں مگر عوام کے بنیادی مسائل جن میں مہنگائی، بے روزگاری، بجلی اور گیس کے بلوں میں اضافہ شامل ہے ان پر کوئی ٹھوس لائحہ عمل سامنے نہیں آ رہا۔ بلوچستان کے عوام ایک طویل عرصے سے اپنے حقوق کے لئے جدوجہد کر رہے ہیں اور ان کے مسائل کو نظر انداز کیا جا رہا ہے۔ جمہوری عمل کی کامیابی اسی وقت ممکن ہے جب عوام کی رائے کا احترام کیا جائے اور شفاف انتخابات کا انعقاد یقینی بنایا جائے۔ ملک کی معیشت کو درپیش چیلنجز کے پیش نظر ضروری ہے کہ تمام سیاسی قوتیں مل کر ایک قومی لائحہ عمل مرتب کریں۔
پاکستان میں حالیہ انتخابات کے حوالے سے سیاسی جماعتوں کی سرگرمیاں عروج پر ہیں اور عوام میں اس بات پر بحث جاری ہے کہ آنے والا وزیر اعظم کون ہوگا۔ سیاسی جماعتیں اپنے اپنے منشور کے ساتھ میدان میں ہیں مگر عوام کے بنیادی مسائل جن میں مہنگائی، بے روزگاری، بجلی اور گیس کے بلوں میں اضافہ شامل ہے ان پر کوئی ٹھوس لائحہ عمل سامنے نہیں آ رہا۔ بلوچستان کے عوام ایک طویل عرصے سے اپنے حقوق کے لئے جدوجہد کر رہے ہیں اور ان کے مسائل کو نظر انداز کیا جا رہا ہے۔ جمہوری عمل کی کامیابی اسی وقت ممکن ہے جب عوام کی رائے کا احترام کیا جائے اور شفاف انتخابات کا انعقاد یقینی بنایا جائے۔ ملک کی معیشت کو درپیش چیلنجز کے پیش نظر ضروری ہے کہ تمام سیاسی قوتیں مل کر ایک قومی لائحہ عمل مرتب کریں۔
روزنامہ انتخاب بلوچستان کی عوامی آواز ہے
انتخاب
INTEKHAB Quetta
کوئٹہ فون - 2822909 ... کراچی فیکس
فون 2626499263451826310​89
حب فون 0853-303539
Email :intekhabnews@gmail.com www.dailyintekhab.pk
آفس 101 یونیورسل پلازہ جناح روڈ کوئٹہ
بروز ہفتہ 20 جنوری 2024ء
پولیس چھاپوں کے دوران لوٹ مار، توڑ پھوڑ کون روکے گا؟
پاکستان میں حالیہ انتخابات کے حوالے سے سیاسی جماعتوں کی سرگرمیاں عروج پر ہیں اور عوام میں اس بات پر بحث جاری ہے کہ آنے والا وزیر اعظم کون ہوگا۔ سیاسی جماعتیں اپنے اپنے منشور کے ساتھ میدان میں ہیں مگر عوام کے بنیادی مسائل جن میں مہنگائی، بے روزگاری، بجلی اور گیس کے بلوں میں اضافہ شامل ہے ان پر کوئی ٹھوس لائحہ عمل سامنے نہیں آ رہا۔ بلوچستان کے عوام ایک طویل عرصے سے اپنے حقوق کے لئے جدوجہد کر رہے ہیں اور ان کے مسائل کو نظر انداز کیا جا رہا ہے۔ جمہوری عمل کی کامیابی اسی وقت ممکن ہے جب عوام کی رائے کا احترام کیا جائے اور شفاف انتخابات کا انعقاد یقینی بنایا جائے۔ ملک کی معیشت کو درپیش چیلنجز کے پیش نظر ضروری ہے کہ تمام سیاسی قوتیں مل کر ایک قومی لائحہ عمل مرتب کریں۔
پاکستان میں حالیہ انتخابات کے حوالے سے سیاسی جماعتوں کی سرگرمیاں عروج پر ہیں اور عوام میں اس بات پر بحث جاری ہے کہ آنے والا وزیر اعظم کون ہوگا۔ سیاسی جماعتیں اپنے اپنے منشور کے ساتھ میدان میں ہیں مگر عوام کے بنیادی مسائل جن میں مہنگائی، بے روزگاری، بجلی اور گیس کے بلوں میں اضافہ شامل ہے ان پر کوئی ٹھوس لائحہ عمل سامنے نہیں آ رہا۔ بلوچستان کے عوام ایک طویل عرصے سے اپنے حقوق کے لئے جدوجہد کر رہے ہیں اور ان کے مسائل کو نظر انداز کیا جا رہا ہے۔ جمہوری عمل کی کامیابی اسی وقت ممکن ہے جب عوام کی رائے کا احترام کیا جائے اور شفاف انتخابات کا انعقاد یقینی بنایا جائے۔ ملک کی معیشت کو درپیش چیلنجز کے پیش نظر ضروری ہے کہ تمام سیاسی قوتیں مل کر ایک قومی لائحہ عمل مرتب کریں۔
پاکستان میں حالیہ انتخابات کے حوالے سے سیاسی جماعتوں کی سرگرمیاں عروج پر ہیں اور عوام میں اس بات پر بحث جاری ہے کہ آنے والا وزیر اعظم کون ہوگا۔ سیاسی جماعتیں اپنے اپنے منشور کے ساتھ میدان میں ہیں مگر عوام کے بنیادی مسائل جن میں مہنگائی، بے روزگاری، بجلی اور گیس کے بلوں میں اضافہ شامل ہے ان پر کوئی ٹھوس لائحہ عمل سامنے نہیں آ رہا۔ بلوچستان کے عوام ایک طویل عرصے سے اپنے حقوق کے لئے جدوجہد کر رہے ہیں اور ان کے مسائل کو نظر انداز کیا جا رہا ہے۔ جمہوری عمل کی کامیابی اسی وقت ممکن ہے جب عوام کی رائے کا احترام کیا جائے اور شفاف انتخابات کا انعقاد یقینی بنایا جائے۔ ملک کی معیشت کو درپیش چیلنجز کے پیش نظر ضروری ہے کہ تمام سیاسی قوتیں مل کر ایک قومی لائحہ عمل مرتب کریں۔
پاکستان میں حالیہ انتخابات کے حوالے سے سیاسی جماعتوں کی سرگرمیاں عروج پر ہیں اور عوام میں اس بات پر بحث جاری ہے کہ آنے والا وزیر اعظم کون ہوگا۔ سیاسی جماعتیں اپنے اپنے منشور کے ساتھ میدان میں ہیں مگر عوام کے بنیادی مسائل جن میں مہنگائی، بے روزگاری، بجلی اور گیس کے بلوں میں اضافہ شامل ہے ان پر کوئی ٹھوس لائحہ عمل سامنے نہیں آ رہا۔ بلوچستان کے عوام ایک طویل عرصے سے اپنے حقوق کے لئے جدوجہد کر رہے ہیں اور ان کے مسائل کو نظر انداز کیا جا رہا ہے۔ جمہوری عمل کی کامیابی اسی وقت ممکن ہے جب عوام کی رائے کا احترام کیا جائے اور شفاف انتخابات کا انعقاد یقینی بنایا جائے۔ ملک کی معیشت کو درپیش چیلنجز کے پیش نظر ضروری ہے کہ تمام سیاسی قوتیں مل کر ایک قومی لائحہ عمل مرتب کریں۔
پاکستان میں حالیہ انتخابات کے حوالے سے سیاسی جماعتوں کی سرگرمیاں عروج پر ہیں اور عوام میں اس بات پر بحث جاری ہے کہ آنے والا وزیر اعظم کون ہوگا۔ سیاسی جماعتیں اپنے اپنے منشور کے ساتھ میدان میں ہیں مگر عوام کے بنیادی مسائل جن میں مہنگائی، بے روزگاری، بجلی اور گیس کے بلوں میں اضافہ شامل ہے ان پر کوئی ٹھوس لائحہ عمل سامنے نہیں آ رہا۔ بلوچستان کے عوام ایک طویل عرصے سے اپنے حقوق کے لئے جدوجہد کر رہے ہیں اور ان کے مسائل کو نظر انداز کیا جا رہا ہے۔ جمہوری عمل کی کامیابی اسی وقت ممکن ہے جب عوام کی رائے کا احترام کیا جائے اور شفاف انتخابات کا انعقاد یقینی بنایا جائے۔ ملک کی معیشت کو درپیش چیلنجز کے پیش نظر ضروری ہے کہ تمام سیاسی قوتیں مل کر ایک قومی لائحہ عمل مرتب کریں۔
بلوچستان کے حقوق اور بجلی کے بل
اسلم نگار
پاکستان میں حالیہ انتخابات کے حوالے سے سیاسی جماعتوں کی سرگرمیاں عروج پر ہیں اور عوام میں اس بات پر بحث جاری ہے کہ آنے والا وزیر اعظم کون ہوگا۔ سیاسی جماعتیں اپنے اپنے منشور کے ساتھ میدان میں ہیں مگر عوام کے بنیادی مسائل جن میں مہنگائی، بے روزگاری، بجلی اور گیس کے بلوں میں اضافہ شامل ہے ان پر کوئی ٹھوس لائحہ عمل سامنے نہیں آ رہا۔ بلوچستان کے عوام ایک طویل عرصے سے اپنے حقوق کے لئے جدوجہد کر رہے ہیں اور ان کے مسائل کو نظر انداز کیا جا رہا ہے۔ جمہوری عمل کی کامیابی اسی وقت ممکن ہے جب عوام کی رائے کا احترام کیا جائے اور شفاف انتخابات کا انعقاد یقینی بنایا جائے۔ ملک کی معیشت کو درپیش چیلنجز کے پیش نظر ضروری ہے کہ تمام سیاسی قوتیں مل کر ایک قومی لائحہ عمل مرتب کریں۔
پاکستان میں حالیہ انتخابات کے حوالے سے سیاسی جماعتوں کی سرگرمیاں عروج پر ہیں اور عوام میں اس بات پر بحث جاری ہے کہ آنے والا وزیر اعظم کون ہوگا۔ سیاسی جماعتیں اپنے اپنے منشور کے ساتھ میدان میں ہیں مگر عوام کے بنیادی مسائل جن میں مہنگائی، بے روزگاری، بجلی اور گیس کے بلوں میں اضافہ شامل ہے ان پر کوئی ٹھوس لائحہ عمل سامنے نہیں آ رہا۔ بلوچستان کے عوام ایک طویل عرصے سے اپنے حقوق کے لئے جدوجہد کر رہے ہیں اور ان کے مسائل کو نظر انداز کیا جا رہا ہے۔ جمہوری عمل کی کامیابی اسی وقت ممکن ہے جب عوام کی رائے کا احترام کیا جائے اور شفاف انتخابات کا انعقاد یقینی بنایا جائے۔ ملک کی معیشت کو درپیش چیلنجز کے پیش نظر ضروری ہے کہ تمام سیاسی قوتیں مل کر ایک قومی لائحہ عمل مرتب کریں۔
پاکستان میں حالیہ انتخابات کے حوالے سے سیاسی جماعتوں کی سرگرمیاں عروج پر ہیں اور عوام میں اس بات پر بحث جاری ہے کہ آنے والا وزیر اعظم کون ہوگا۔ سیاسی جماعتیں اپنے اپنے منشور کے ساتھ میدان میں ہیں مگر عوام کے بنیادی مسائل جن میں مہنگائی، بے روزگاری، بجلی اور گیس کے بلوں میں اضافہ شامل ہے ان پر کوئی ٹھوس لائحہ عمل سامنے نہیں آ رہا۔ بلوچستان کے عوام ایک طویل عرصے سے اپنے حقوق کے لئے جدوجہد کر رہے ہیں اور ان کے مسائل کو نظر انداز کیا جا رہا ہے۔ جمہوری عمل کی کامیابی اسی وقت ممکن ہے جب عوام کی رائے کا احترام کیا جائے اور شفاف انتخابات کا انعقاد یقینی بنایا جائے۔ ملک کی معیشت کو درپیش چیلنجز کے پیش نظر ضروری ہے کہ تمام سیاسی قوتیں مل کر ایک قومی لائحہ عمل مرتب کریں۔
پاکستان میں حالیہ انتخابات کے حوالے سے سیاسی جماعتوں کی سرگرمیاں عروج پر ہیں اور عوام میں اس بات پر بحث جاری ہے کہ آنے والا وزیر اعظم کون ہوگا۔ سیاسی جماعتیں اپنے اپنے منشور کے ساتھ میدان میں ہیں مگر عوام کے بنیادی مسائل جن میں مہنگائی، بے روزگاری، بجلی اور گیس کے بلوں میں اضافہ شامل ہے ان پر کوئی ٹھوس لائحہ عمل سامنے نہیں آ رہا۔ بلوچستان کے عوام ایک طویل عرصے سے اپنے حقوق کے لئے جدوجہد کر رہے ہیں اور ان کے مسائل کو نظر انداز کیا جا رہا ہے۔ جمہوری عمل کی کامیابی اسی وقت ممکن ہے جب عوام کی رائے کا احترام کیا جائے اور شفاف انتخابات کا انعقاد یقینی بنایا جائے۔ ملک کی معیشت کو درپیش چیلنجز کے پیش نظر ضروری ہے کہ تمام سیاسی قوتیں مل کر ایک قومی لائحہ عمل مرتب کریں۔
پاکستان میں حالیہ انتخابات کے حوالے سے سیاسی جماعتوں کی سرگرمیاں عروج پر ہیں اور عوام میں اس بات پر بحث جاری ہے کہ آنے والا وزیر اعظم کون ہوگا۔ سیاسی جماعتیں اپنے اپنے منشور کے ساتھ میدان میں ہیں مگر عوام کے بنیادی مسائل جن میں مہنگائی، بے روزگاری، بجلی اور گیس کے بلوں میں اضافہ شامل ہے ان پر کوئی ٹھوس لائحہ عمل سامنے نہیں آ رہا۔ بلوچستان کے عوام ایک طویل عرصے سے اپنے حقوق کے لئے جدوجہد کر رہے ہیں اور ان کے مسائل کو نظر انداز کیا جا رہا ہے۔ جمہوری عمل کی کامیابی اسی وقت ممکن ہے جب عوام کی رائے کا احترام کیا جائے اور شفاف انتخابات کا انعقاد یقینی بنایا جائے۔ ملک کی معیشت کو درپیش چیلنجز کے پیش نظر ضروری ہے کہ تمام سیاسی قوتیں مل کر ایک قومی لائحہ عمل مرتب کریں۔
پاکستان میں حالیہ انتخابات کے حوالے سے سیاسی جماعتوں کی سرگرمیاں عروج پر ہیں اور عوام میں اس بات پر بحث جاری ہے کہ آنے والا وزیر اعظم کون ہوگا۔ سیاسی جماعتیں اپنے اپنے منشور کے ساتھ میدان میں ہیں مگر عوام کے بنیادی مسائل جن میں مہنگائی، بے روزگاری، بجلی اور گیس کے بلوں میں اضافہ شامل ہے ان پر کوئی ٹھوس لائحہ عمل سامنے نہیں آ رہا۔ بلوچستان کے عوام ایک طویل عرصے سے اپنے حقوق کے لئے جدوجہد کر رہے ہیں اور ان کے مسائل کو نظر انداز کیا جا رہا ہے۔ جمہوری عمل کی کامیابی اسی وقت ممکن ہے جب عوام کی رائے کا احترام کیا جائے اور شفاف انتخابات کا انعقاد یقینی بنایا جائے۔ ملک کی معیشت کو درپیش چیلنجز کے پیش نظر ضروری ہے کہ تمام سیاسی قوتیں مل کر ایک قومی لائحہ عمل مرتب کریں۔
پاکستان میں حالیہ انتخابات کے حوالے سے سیاسی جماعتوں کی سرگرمیاں عروج پر ہیں اور عوام میں اس بات پر بحث جاری ہے کہ آنے والا وزیر اعظم کون ہوگا۔ سیاسی جماعتیں اپنے اپنے منشور کے ساتھ میدان میں ہیں مگر عوام کے بنیادی مسائل جن میں مہنگائی، بے روزگاری، بجلی اور گیس کے بلوں میں اضافہ شامل ہے ان پر کوئی ٹھوس لائحہ عمل سامنے نہیں آ رہا۔ بلوچستان کے عوام ایک طویل عرصے سے اپنے حقوق کے لئے جدوجہد کر رہے ہیں اور ان کے مسائل کو نظر انداز کیا جا رہا ہے۔ جمہوری عمل کی کامیابی اسی وقت ممکن ہے جب عوام کی رائے کا احترام کیا جائے اور شفاف انتخابات کا انعقاد یقینی بنایا جائے۔ ملک کی معیشت کو درپیش چیلنجز کے پیش نظر ضروری ہے کہ تمام سیاسی قوتیں مل کر ایک قومی لائحہ عمل مرتب کریں۔
